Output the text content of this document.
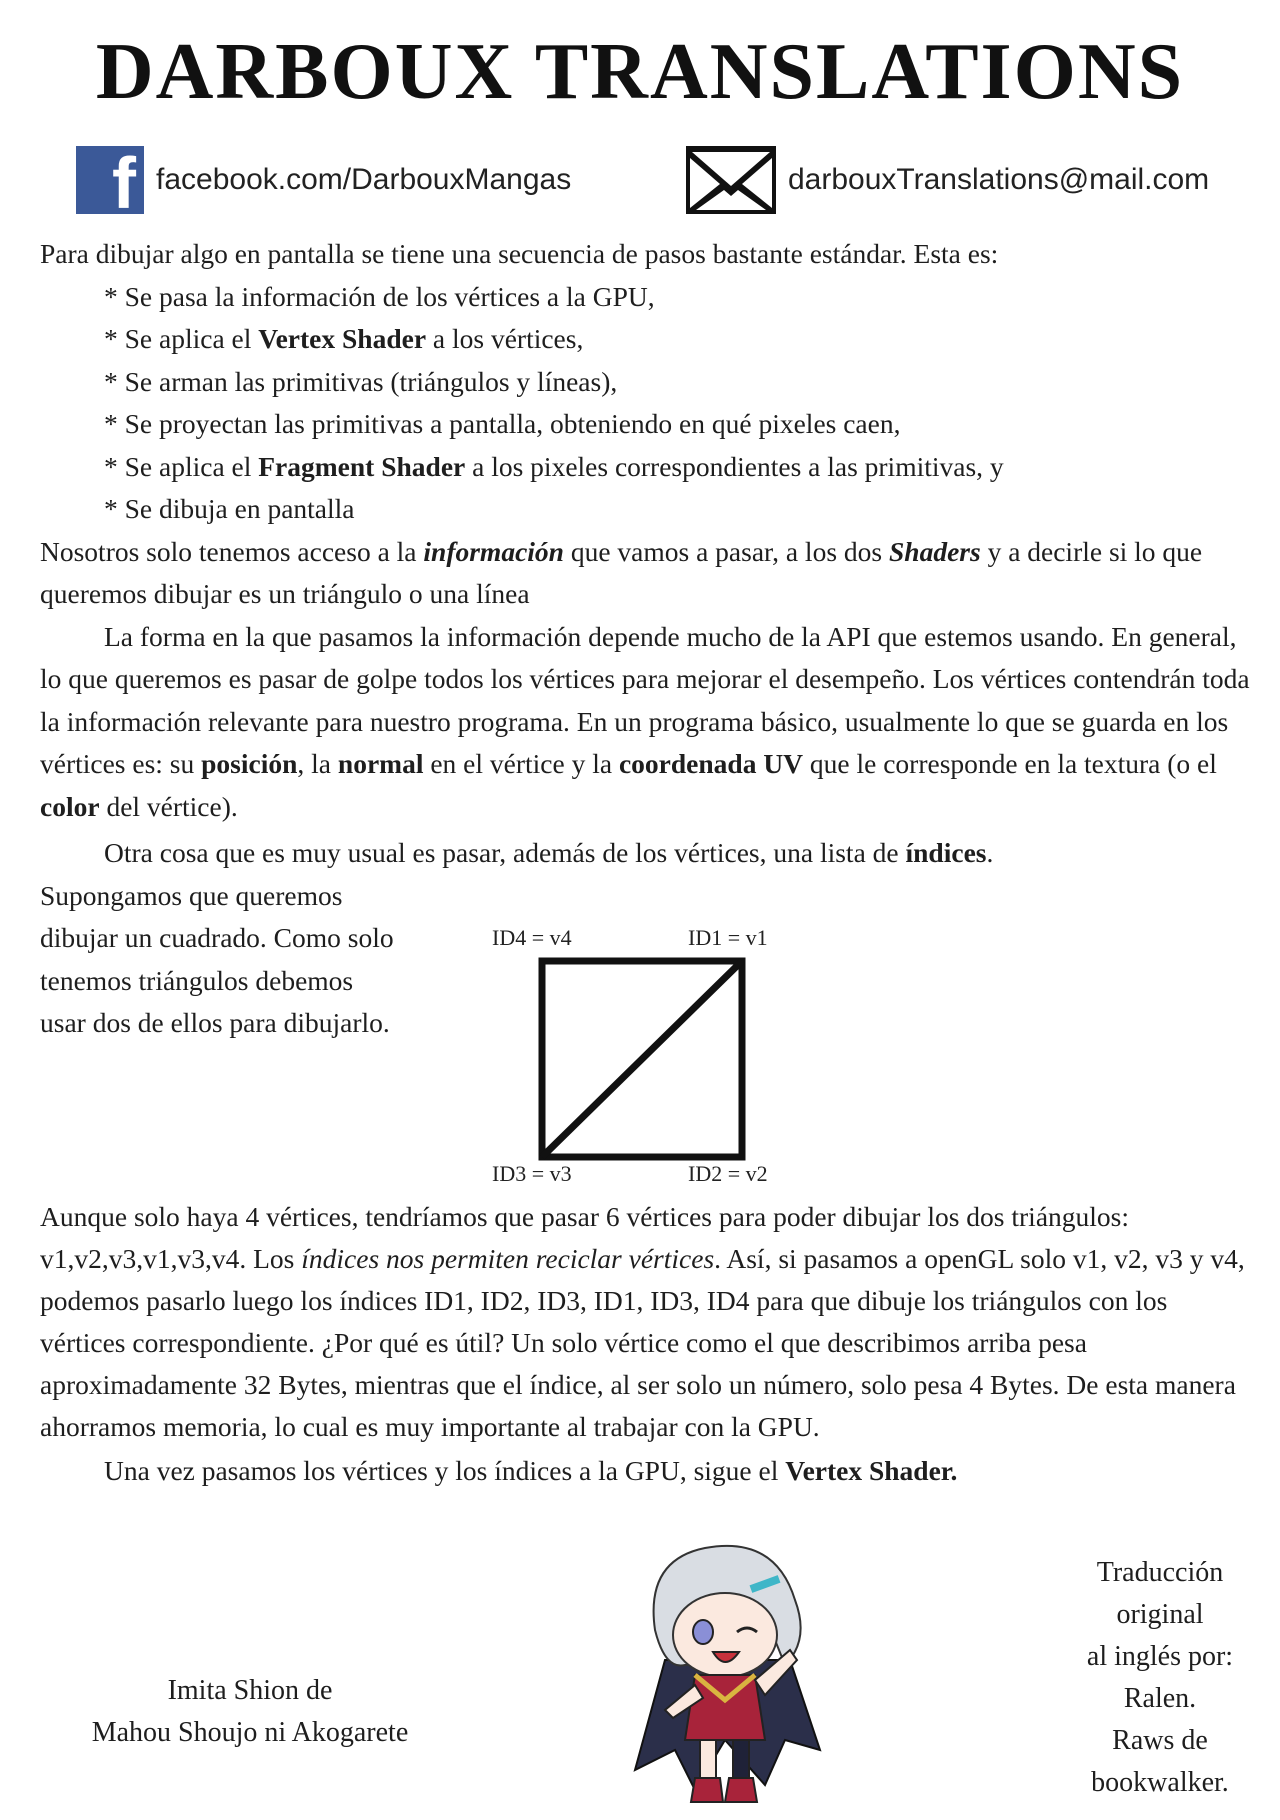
DARBOUX TRANSLATIONS
f facebook.com/DarbouxMangas	darbouxTranslations@mail.com

Para dibujar algo en pantalla se tiene una secuencia de pasos bastante estándar. Esta es:

* Se pasa la información de los vértices a la GPU,

* Se aplica el Vertex Shader a los vértices,

* Se arman las primitivas (triángulos y líneas),

* Se proyectan las primitivas a pantalla, obteniendo en qué pixeles caen,

* Se aplica el Fragment Shader a los pixeles correspondientes a las primitivas, y

* Se dibuja en pantalla

Nosotros solo tenemos acceso a la información que vamos a pasar, a los dos Shaders y a decirle si lo que queremos dibujar es un triángulo o una línea

La forma en la que pasamos la información depende mucho de la API que estemos usando. En general, lo que queremos es pasar de golpe todos los vértices para mejorar el desempeño. Los vértices contendrán toda la información relevante para nuestro programa. En un programa básico, usualmente lo que se guarda en los vértices es: su posición, la normal en el vértice y la coordenada UV que le corresponde en la textura (o el color del vértice).

Otra cosa que es muy usual es pasar, además de los vértices, una lista de índices.

Supongamos que queremos dibujar un cuadrado. Como solo tenemos triángulos debemos usar dos de ellos para dibujarlo.

ID4 = v4	ID1 = v1
ID3 = v3	ID2 = v2

Aunque solo haya 4 vértices, tendríamos que pasar 6 vértices para poder dibujar los dos triángulos: v1,v2,v3,v1,v3,v4. Los índices nos permiten reciclar vértices. Así, si pasamos a openGL solo v1, v2, v3 y v4, podemos pasarlo luego los índices ID1, ID2, ID3, ID1, ID3, ID4 para que dibuje los triángulos con los vértices correspondiente. ¿Por qué es útil? Un solo vértice como el que describimos arriba pesa aproximadamente 32 Bytes, mientras que el índice, al ser solo un número, solo pesa 4 Bytes. De esta manera ahorramos memoria, lo cual es muy importante al trabajar con la GPU.

Una vez pasamos los vértices y los índices a la GPU, sigue el Vertex Shader.

Imita Shion de
Mahou Shoujo ni Akogarete
Traducción
original
al inglés por:
Ralen.
Raws de
bookwalker.
